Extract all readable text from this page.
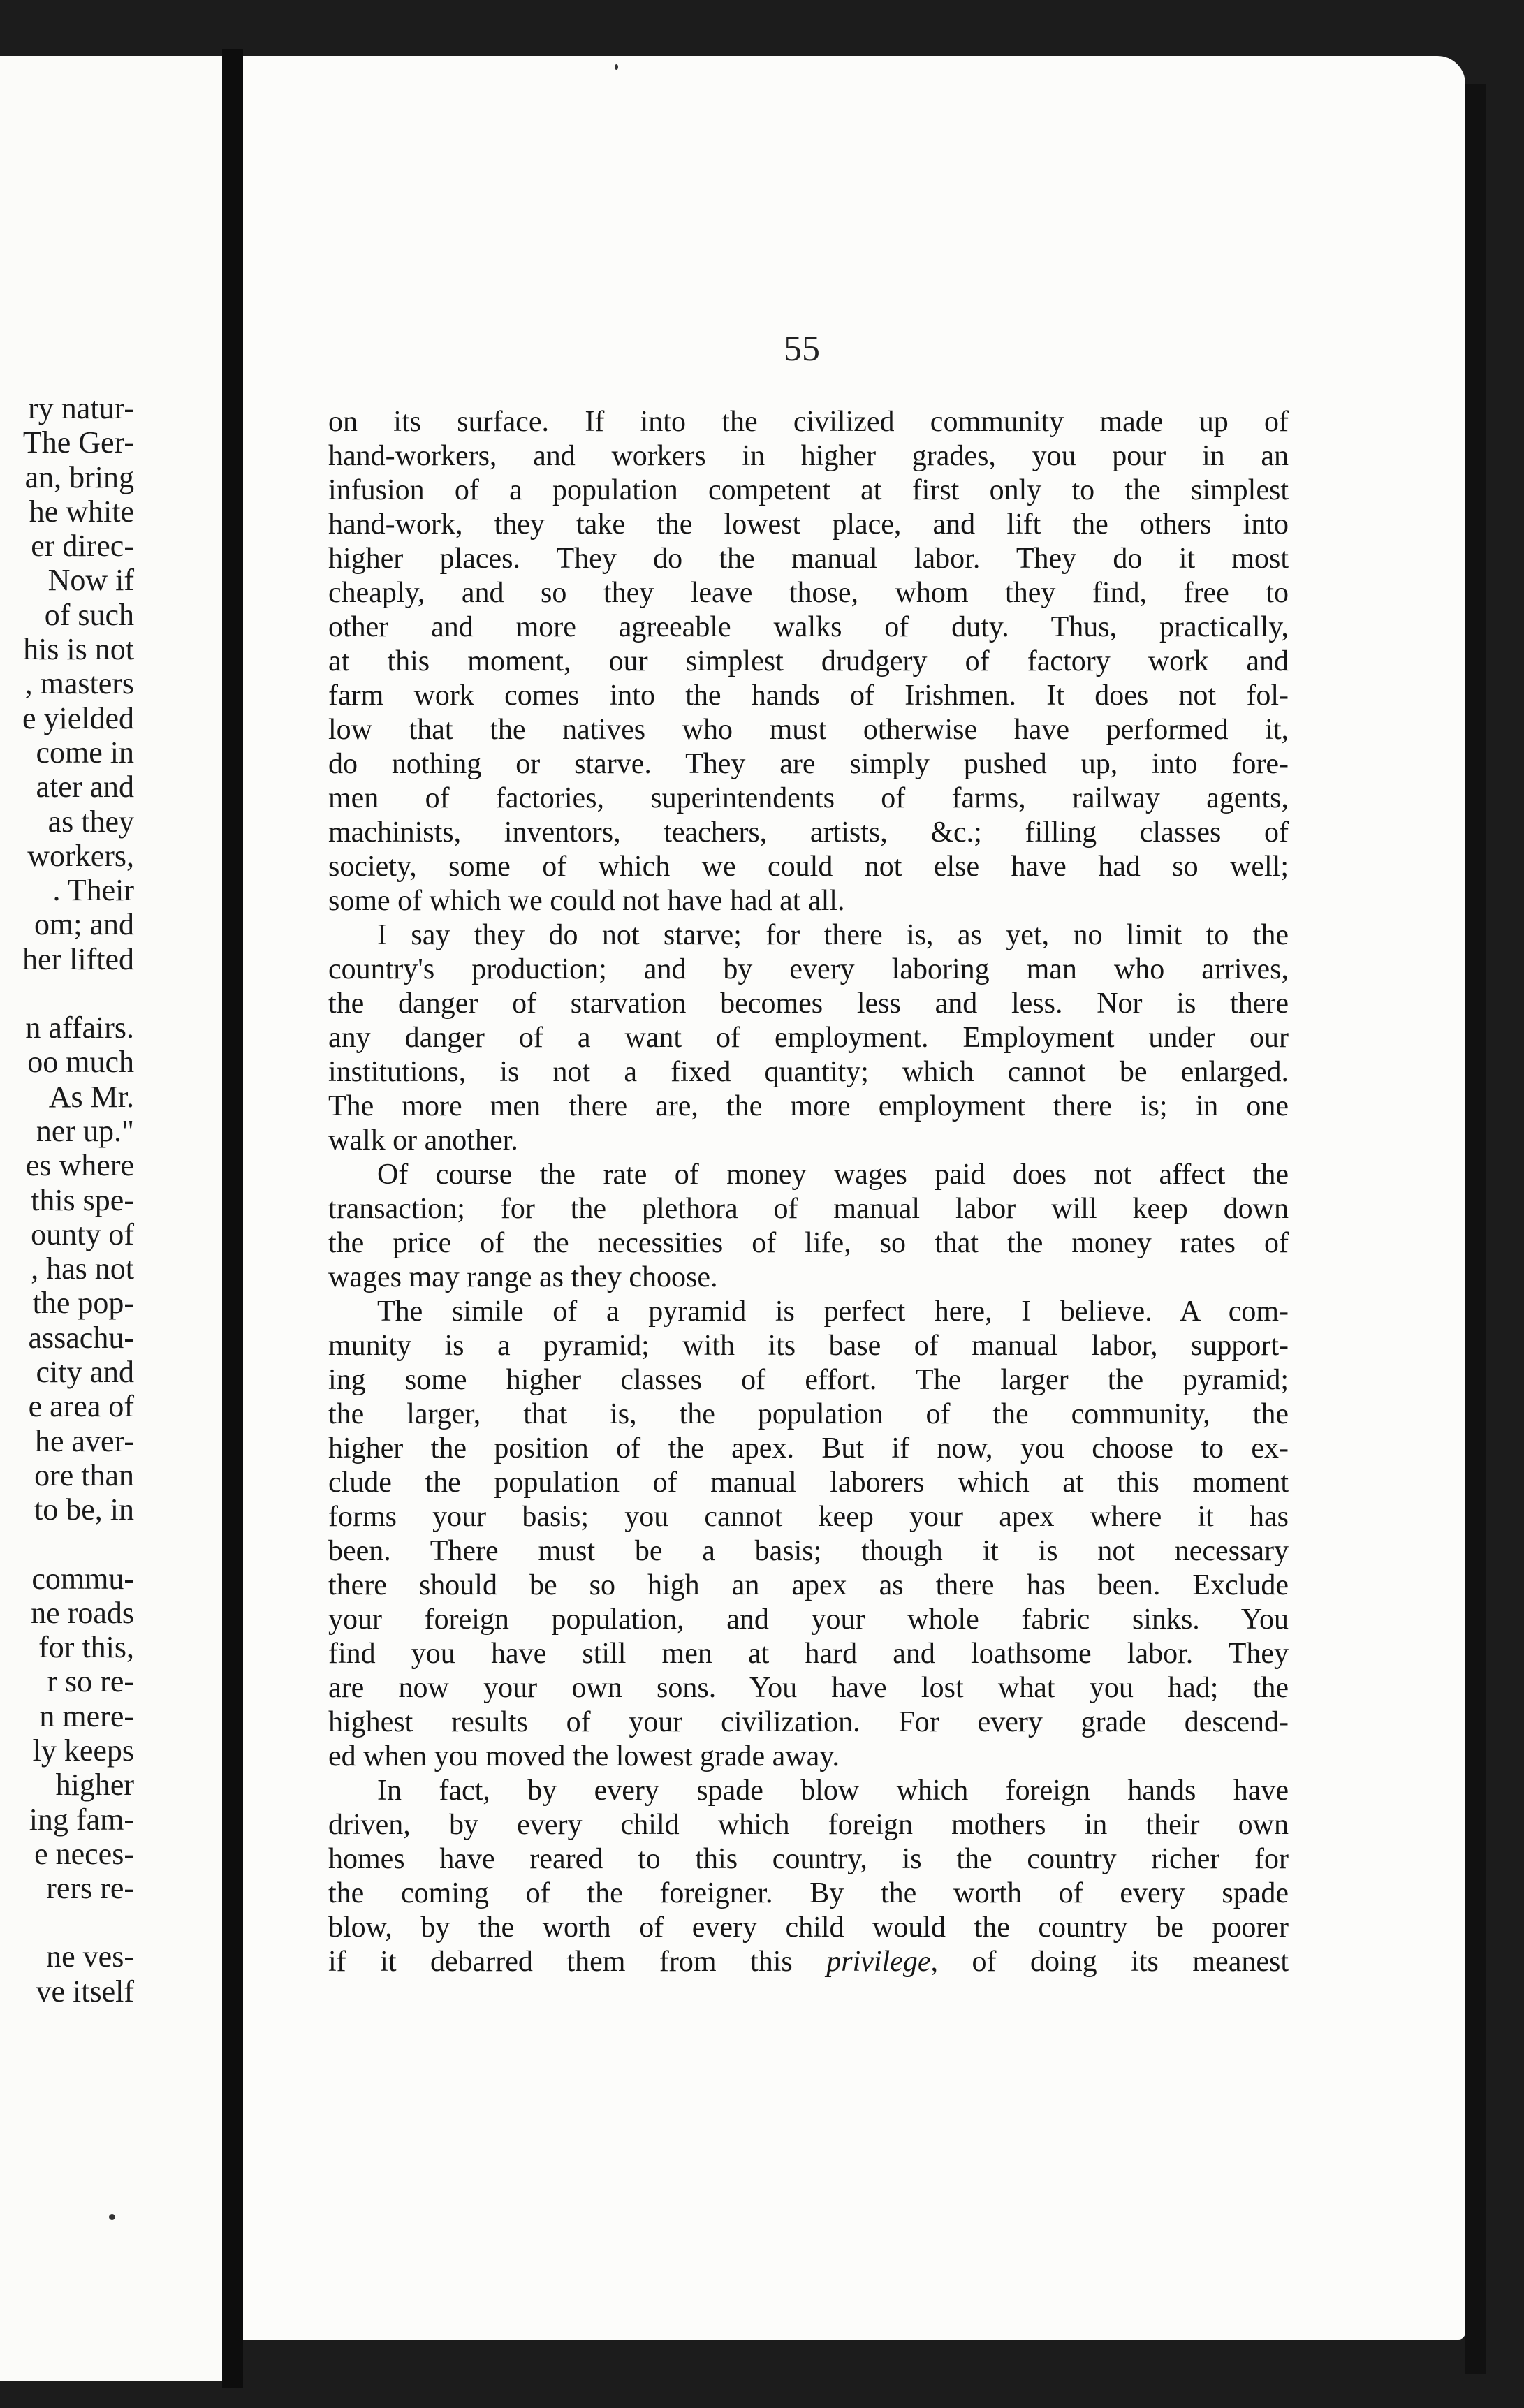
ry natur-
The Ger-
an, bring
he white
er direc-
Now if
of such
his is not
, masters
e yielded
come in
ater and
as they
workers,
. Their
om; and
her lifted
n affairs.
oo much
As Mr.
ner up."
es where
this spe-
ounty of
, has not
the pop-
assachu-
city and
e area of
he aver-
ore than
to be, in
commu-
ne roads
for this,
r so re-
n mere-
ly keeps
higher
ing fam-
e neces-
rers re-
ne ves-
ve itself
55
on its surface. If into the civilized community made up of
hand-workers, and workers in higher grades, you pour in an
infusion of a population competent at first only to the simplest
hand-work, they take the lowest place, and lift the others into
higher places. They do the manual labor. They do it most
cheaply, and so they leave those, whom they find, free to
other and more agreeable walks of duty. Thus, practically,
at this moment, our simplest drudgery of factory work and
farm work comes into the hands of Irishmen. It does not fol-
low that the natives who must otherwise have performed it,
do nothing or starve. They are simply pushed up, into fore-
men of factories, superintendents of farms, railway agents,
machinists, inventors, teachers, artists, &c.; filling classes of
society, some of which we could not else have had so well;
some of which we could not have had at all.
I say they do not starve; for there is, as yet, no limit to the
country's production; and by every laboring man who arrives,
the danger of starvation becomes less and less. Nor is there
any danger of a want of employment. Employment under our
institutions, is not a fixed quantity; which cannot be enlarged.
The more men there are, the more employment there is; in one
walk or another.
Of course the rate of money wages paid does not affect the
transaction; for the plethora of manual labor will keep down
the price of the necessities of life, so that the money rates of
wages may range as they choose.
The simile of a pyramid is perfect here, I believe. A com-
munity is a pyramid; with its base of manual labor, support-
ing some higher classes of effort. The larger the pyramid;
the larger, that is, the population of the community, the
higher the position of the apex. But if now, you choose to ex-
clude the population of manual laborers which at this moment
forms your basis; you cannot keep your apex where it has
been. There must be a basis; though it is not necessary
there should be so high an apex as there has been. Exclude
your foreign population, and your whole fabric sinks. You
find you have still men at hard and loathsome labor. They
are now your own sons. You have lost what you had; the
highest results of your civilization. For every grade descend-
ed when you moved the lowest grade away.
In fact, by every spade blow which foreign hands have
driven, by every child which foreign mothers in their own
homes have reared to this country, is the country richer for
the coming of the foreigner. By the worth of every spade
blow, by the worth of every child would the country be poorer
if it debarred them from this privilege, of doing its meanest
